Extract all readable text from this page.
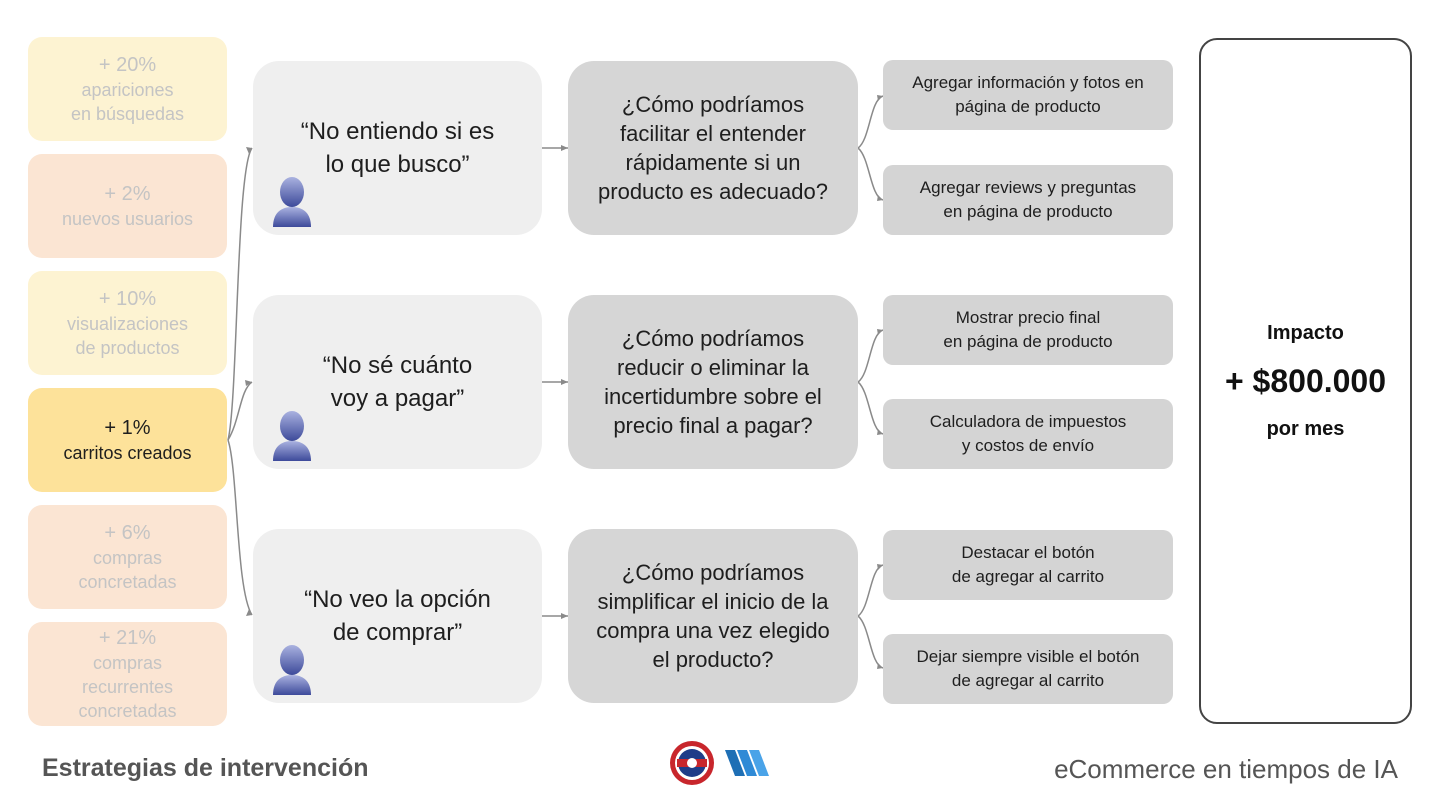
+ 20%
apariciones
en búsquedas
+ 2%
nuevos usuarios
+ 10%
visualizaciones
de productos
+ 1%
carritos creados
+ 6%
compras
concretadas
+ 21%
compras
recurrentes
concretadas
“No entiendo si es
lo que busco”
“No sé cuánto
voy a pagar”
“No veo la opción
de comprar”
¿Cómo podríamos
facilitar el entender
rápidamente si un
producto es adecuado?
¿Cómo podríamos
reducir o eliminar la
incertidumbre sobre el
precio final a pagar?
¿Cómo podríamos
simplificar el inicio de la
compra una vez elegido
el producto?
Agregar información y fotos en
página de producto
Agregar reviews y preguntas
en página de producto
Mostrar precio final
en página de producto
Calculadora de impuestos
y costos de envío
Destacar el botón
de agregar al carrito
Dejar siempre visible el botón
de agregar al carrito
Impacto
+ $800.000
por mes
Estrategias de intervención	eCommerce en tiempos de IA
